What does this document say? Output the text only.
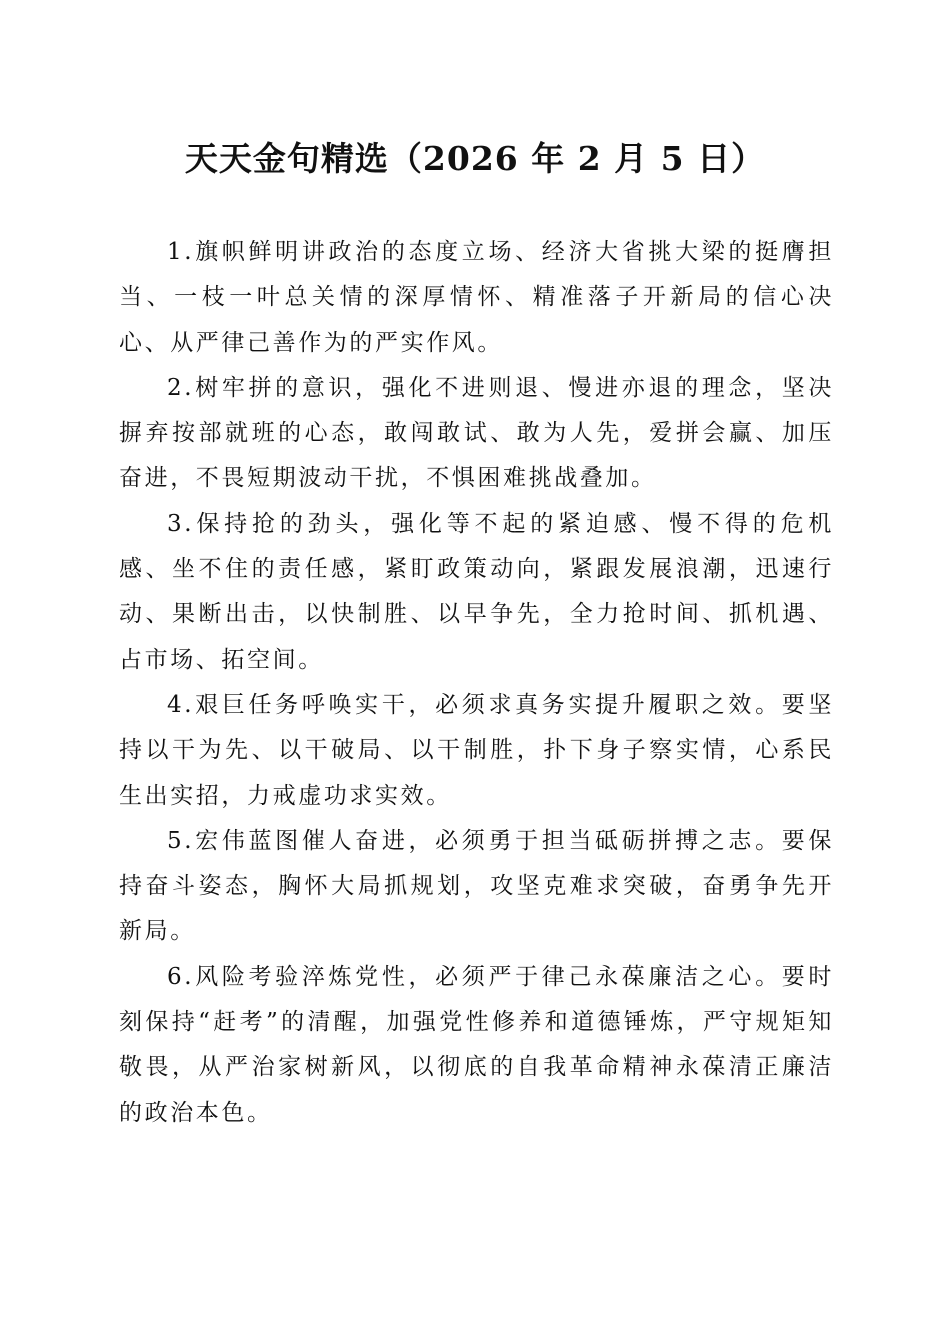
天天金句精选（2026 年 2 月 5 日）

1.旗帜鲜明讲政治的态度立场、经济大省挑大梁的挺膺担当、一枝一叶总关情的深厚情怀、精准落子开新局的信心决心、从严律己善作为的严实作风。

2.树牢拼的意识，强化不进则退、慢进亦退的理念，坚决摒弃按部就班的心态，敢闯敢试、敢为人先，爱拼会赢、加压奋进，不畏短期波动干扰，不惧困难挑战叠加。

3.保持抢的劲头，强化等不起的紧迫感、慢不得的危机感、坐不住的责任感，紧盯政策动向，紧跟发展浪潮，迅速行动、果断出击，以快制胜、以早争先，全力抢时间、抓机遇、占市场、拓空间。

4.艰巨任务呼唤实干，必须求真务实提升履职之效。要坚持以干为先、以干破局、以干制胜，扑下身子察实情，心系民生出实招，力戒虚功求实效。

5.宏伟蓝图催人奋进，必须勇于担当砥砺拼搏之志。要保持奋斗姿态，胸怀大局抓规划，攻坚克难求突破，奋勇争先开新局。

6.风险考验淬炼党性，必须严于律己永葆廉洁之心。要时刻保持“赶考”的清醒，加强党性修养和道德锤炼，严守规矩知敬畏，从严治家树新风，以彻底的自我革命精神永葆清正廉洁的政治本色。
